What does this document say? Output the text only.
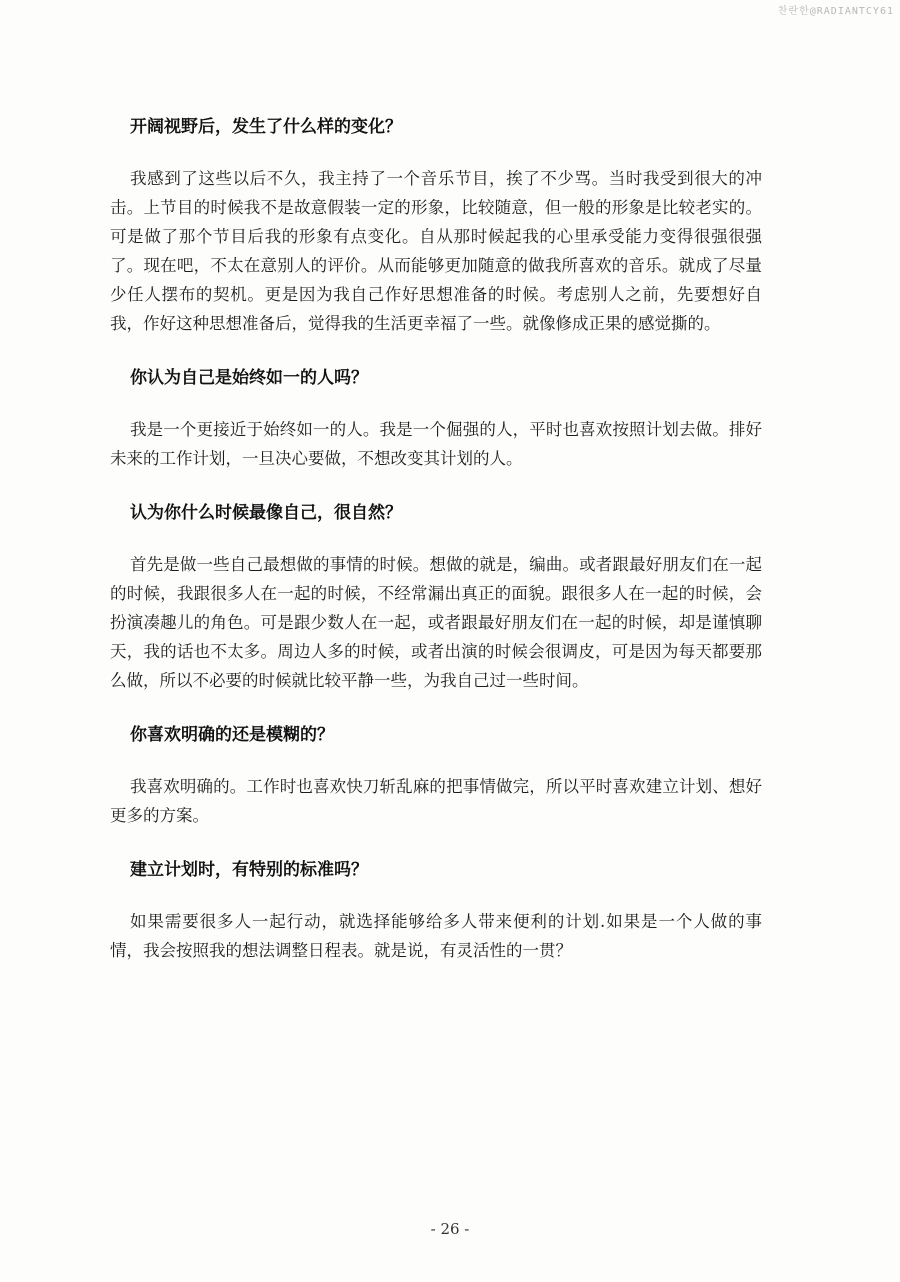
찬란한@RADIANTCY61

开阔视野后，发生了什么样的变化？

我感到了这些以后不久，我主持了一个音乐节目，挨了不少骂。当时我受到很大的冲击。上节目的时候我不是故意假装一定的形象，比较随意，但一般的形象是比较老实的。可是做了那个节目后我的形象有点变化。自从那时候起我的心里承受能力变得很强很强了。现在吧，不太在意别人的评价。从而能够更加随意的做我所喜欢的音乐。就成了尽量少任人摆布的契机。更是因为我自己作好思想准备的时候。考虑别人之前，先要想好自我，作好这种思想准备后，觉得我的生活更幸福了一些。就像修成正果的感觉撕的。

你认为自己是始终如一的人吗？

我是一个更接近于始终如一的人。我是一个倔强的人，平时也喜欢按照计划去做。排好未来的工作计划，一旦决心要做，不想改变其计划的人。

认为你什么时候最像自己，很自然？

首先是做一些自己最想做的事情的时候。想做的就是，编曲。或者跟最好朋友们在一起的时候，我跟很多人在一起的时候，不经常漏出真正的面貌。跟很多人在一起的时候，会扮演凑趣儿的角色。可是跟少数人在一起，或者跟最好朋友们在一起的时候，却是谨慎聊天，我的话也不太多。周边人多的时候，或者出演的时候会很调皮，可是因为每天都要那么做，所以不必要的时候就比较平静一些，为我自己过一些时间。

你喜欢明确的还是模糊的？

我喜欢明确的。工作时也喜欢快刀斩乱麻的把事情做完，所以平时喜欢建立计划、想好更多的方案。

建立计划时，有特别的标准吗？

如果需要很多人一起行动，就选择能够给多人带来便利的计划.如果是一个人做的事情，我会按照我的想法调整日程表。就是说，有灵活性的一贯？

- 26 -
